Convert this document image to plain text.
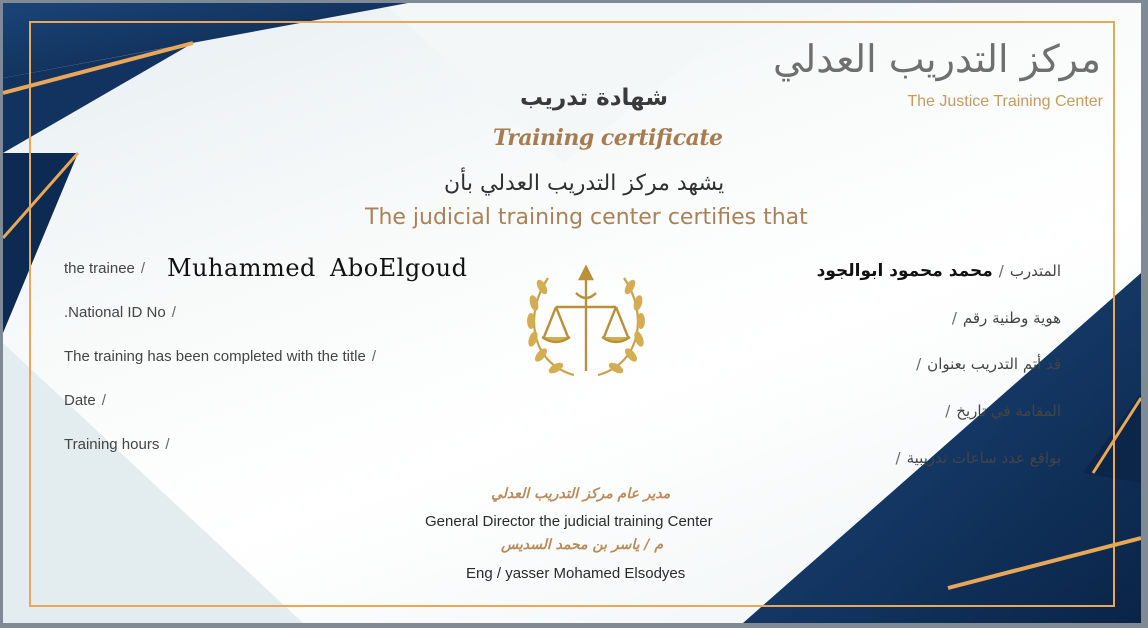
مركز التدريب العدلي
The Justice Training Center
شهادة تدريب
Training certificate
يشهد مركز التدريب العدلي بأن
The judicial training center certifies that
the trainee / Muhammed AboElgoud
.National ID No /
The training has been completed with the title /
Date /
Training hours /
المتدرب/محمد محمود ابوالجود
هوية وطنية رقم/
قد أتم التدريب بعنوان/
المقامة في تاريخ/
بواقع عدد ساعات تدريبية/
مدير عام مركز التدريب العدلي
General Director the judicial training Center
م / ياسر بن محمد السديس
Eng / yasser Mohamed Elsodyes
